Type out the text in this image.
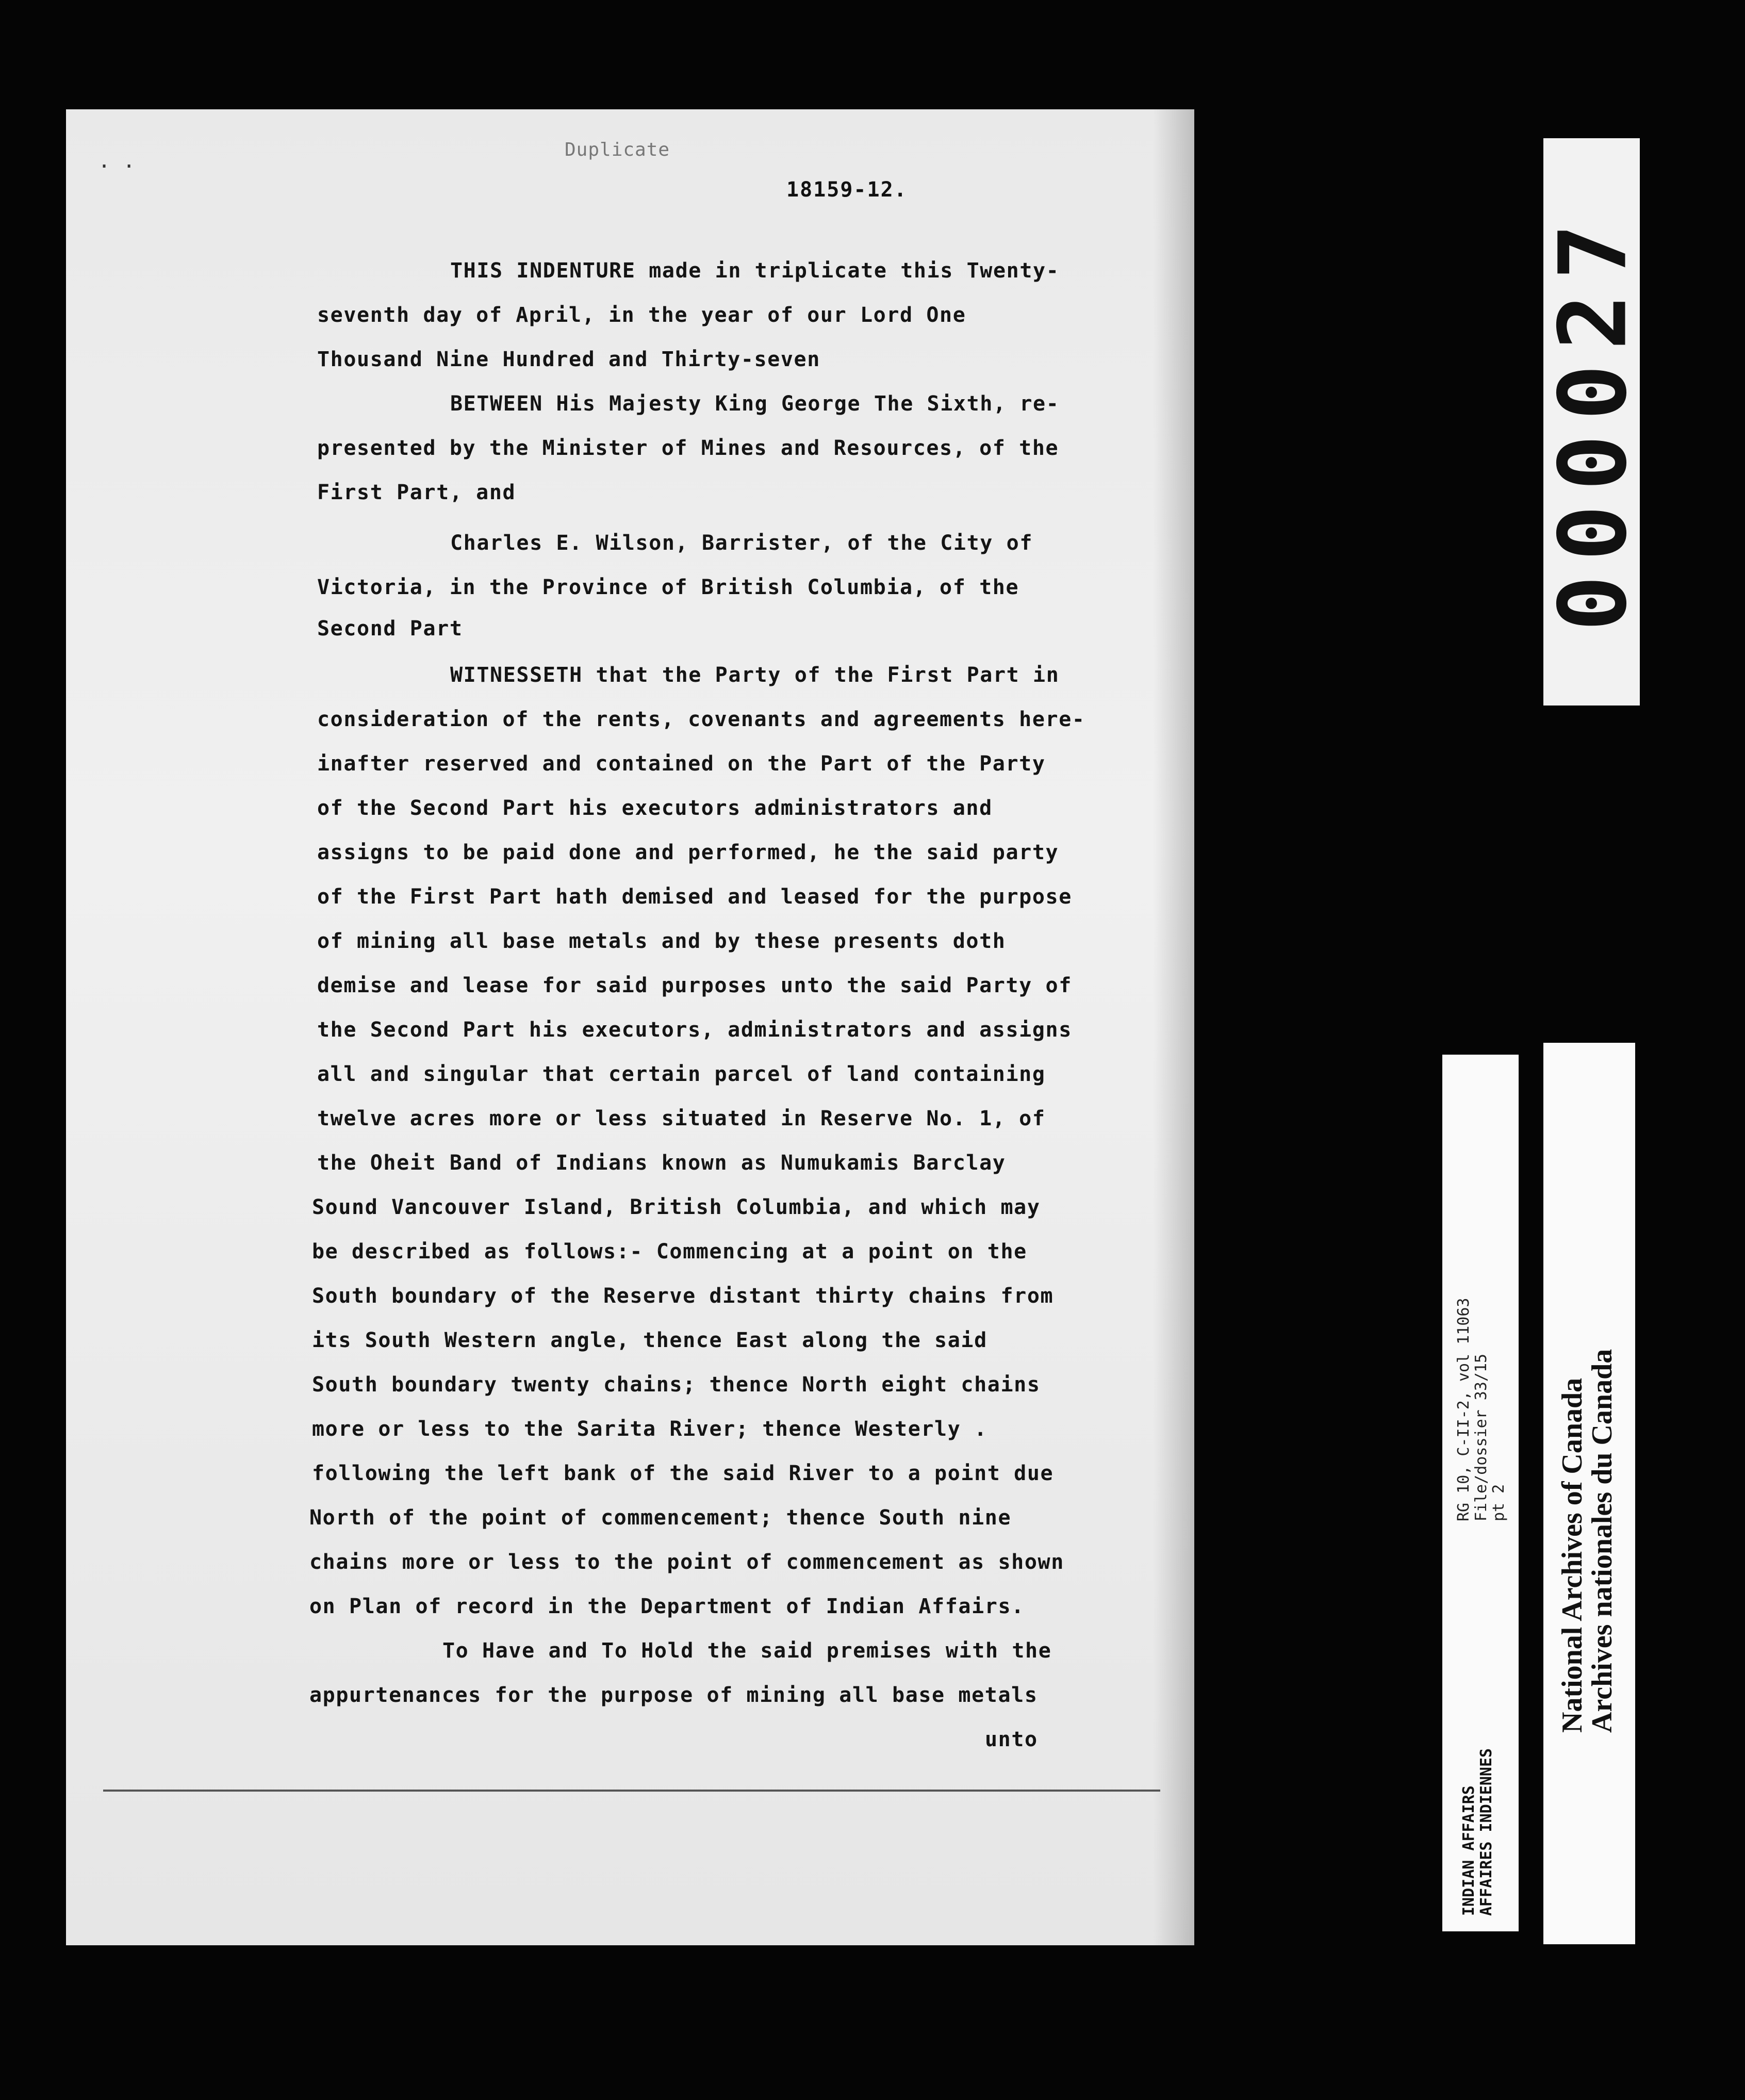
· ·
Duplicate
18159-12.
THIS INDENTURE made in triplicate this Twenty-
seventh day of April, in the year of our Lord One
Thousand Nine Hundred and Thirty-seven
BETWEEN His Majesty King George The Sixth, re-
presented by the Minister of Mines and Resources, of the
First Part, and
Charles E. Wilson, Barrister, of the City of
Victoria, in the Province of British Columbia, of the
Second Part
WITNESSETH that the Party of the First Part in
consideration of the rents, covenants and agreements here-
inafter reserved and contained on the Part of the Party
of the Second Part his executors administrators and
assigns to be paid done and performed, he the said party
of the First Part hath demised and leased for the purpose
of mining all base metals and by these presents doth
demise and lease for said purposes unto the said Party of
the Second Part his executors, administrators and assigns
all and singular that certain parcel of land containing
twelve acres more or less situated in Reserve No. 1, of
the Oheit Band of Indians known as Numukamis Barclay
Sound Vancouver Island, British Columbia, and which may
be described as follows:- Commencing at a point on the
South boundary of the Reserve distant thirty chains from
its South Western angle, thence East along the said
South boundary twenty chains; thence North eight chains
more or less to the Sarita River; thence Westerly .
following the left bank of the said River to a point due
North of the point of commencement; thence South nine
chains more or less to the point of commencement as shown
on Plan of record in the Department of Indian Affairs.
To Have and To Hold the said premises with the
appurtenances for the purpose of mining all base metals
unto
000027
RG 10, C-II-2, vol 11063 File/dossier 33/15 pt 2
INDIAN AFFAIRS AFFAIRES INDIENNES
National Archives of Canada
Archives nationales du Canada
